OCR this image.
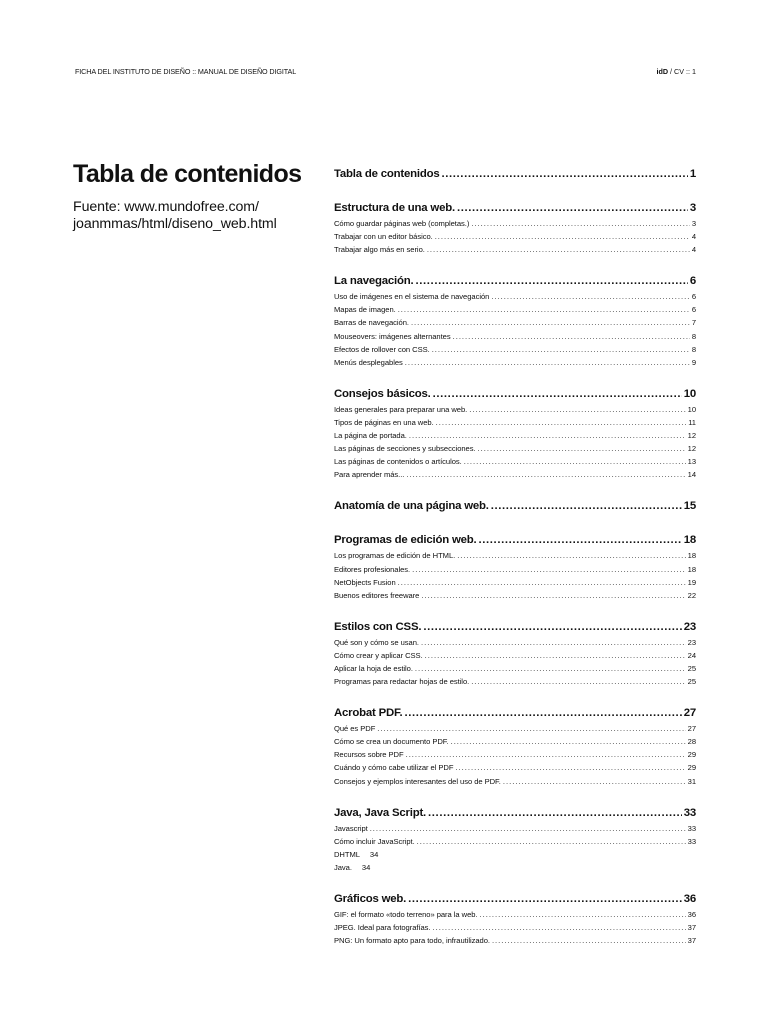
FICHA DEL INSTITUTO DE DISEÑO :: MANUAL DE DISEÑO DIGITAL	idD / CV :: 1
Tabla de contenidos
Fuente: www.mundofree.com/ joanmmas/html/diseno_web.html
Tabla de contenidos .....	1
Estructura de una web. .....	3
Cómo guardar páginas web (completas.) .....	3
Trabajar con un editor básico. .....	4
Trabajar algo más en serio. .....	4
La navegación. .....	6
Uso de imágenes en el sistema de navegación .....	6
Mapas de imagen. .....	6
Barras de navegación. .....	7
Mouseovers: imágenes alternantes .....	8
Efectos de rollover con CSS. .....	8
Menús desplegables .....	9
Consejos básicos. .....	10
Ideas generales para preparar una web. .....	10
Tipos de páginas en una web. .....	11
La página de portada. .....	12
Las páginas de secciones y subsecciones. .....	12
Las páginas de contenidos o artículos. .....	13
Para aprender más... .....	14
Anatomía de una página web. .....	15
Programas de edición web. .....	18
Los programas de edición de HTML. .....	18
Editores profesionales. .....	18
NetObjects Fusion .....	19
Buenos editores freeware .....	22
Estilos con CSS. .....	23
Qué son y cómo se usan. .....	23
Cómo crear y aplicar CSS. .....	24
Aplicar la hoja de estilo. .....	25
Programas para redactar hojas de estilo. .....	25
Acrobat PDF. .....	27
Qué es PDF .....	27
Cómo se crea un documento PDF. .....	28
Recursos sobre PDF .....	29
Cuándo y cómo cabe utilizar el PDF .....	29
Consejos y ejemplos interesantes del uso de PDF. .....	31
Java, Java Script. .....	33
Javascript .....	33
Cómo incluir JavaScript. .....	33
DHTML	34
Java.	34
Gráficos web. .....	36
GIF: el formato «todo terreno» para la web. .....	36
JPEG. Ideal para fotografías. .....	37
PNG: Un formato apto para todo, infrautilizado. .....	37
